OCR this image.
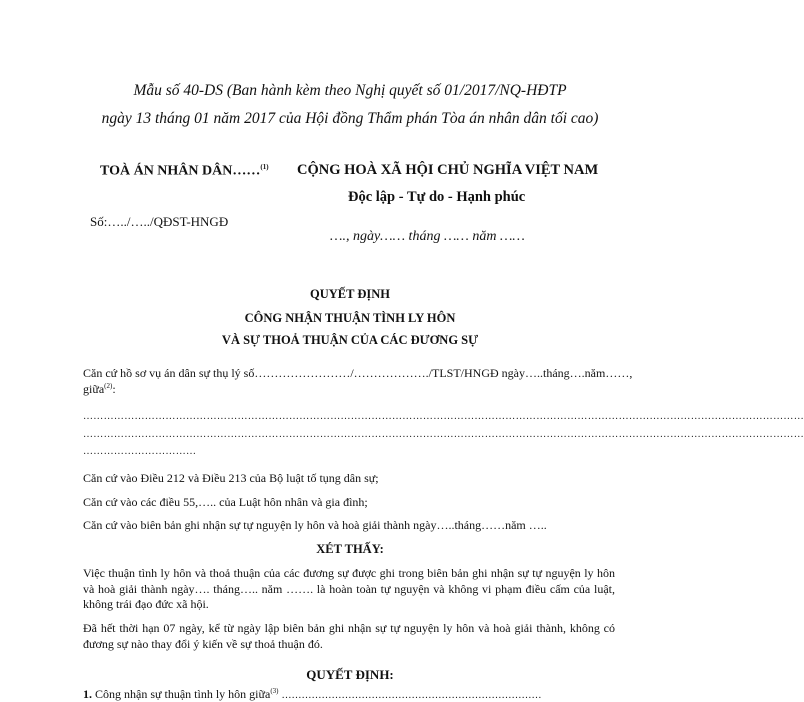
Mẫu số 40-DS (Ban hành kèm theo Nghị quyết số 01/2017/NQ-HĐTP
ngày 13 tháng 01 năm 2017 của Hội đồng Thẩm phán Tòa án nhân dân tối cao)
TOÀ ÁN NHÂN DÂN……$^{(1)}$
Số:…../…../QĐST-HNGĐ
CỘNG HOÀ XÃ HỘI CHỦ NGHĨA VIỆT NAM
Độc lập - Tự do - Hạnh phúc
…., ngày…… tháng …… năm ……
QUYẾT ĐỊNH
CÔNG NHẬN THUẬN TÌNH LY HÔN
VÀ SỰ THOẢ THUẬN CỦA CÁC ĐƯƠNG SỰ
Căn cứ hồ sơ vụ án dân sự thụ lý số……………………/………………./TLST/HNGĐ ngày…..tháng….năm……,
giữa$^{(2)}$:
…………………………………………………………………………………………………………………………………………………………………………………………
…………………………………………………………………………………………………………………………………………………………………………………………
……………………………
Căn cứ vào Điều 212 và Điều 213 của Bộ luật tố tụng dân sự;
Căn cứ vào các điều 55,….. của Luật hôn nhân và gia đình;
Căn cứ vào biên bản ghi nhận sự tự nguyện ly hôn và hoà giải thành ngày…..tháng……năm …..
XÉT THẤY:
Việc thuận tình ly hôn và thoả thuận của các đương sự được ghi trong biên bản ghi nhận sự tự nguyện ly hôn và hoà giải thành ngày…. tháng….. năm ……. là hoàn toàn tự nguyện và không vi phạm điều cấm của luật, không trái đạo đức xã hội.
Đã hết thời hạn 07 ngày, kể từ ngày lập biên bản ghi nhận sự tự nguyện ly hôn và hoà giải thành, không có đương sự nào thay đổi ý kiến về sự thoả thuận đó.
QUYẾT ĐỊNH:
1. Công nhận sự thuận tình ly hôn giữa$^{(3)}$ ……………………………………………………………………
